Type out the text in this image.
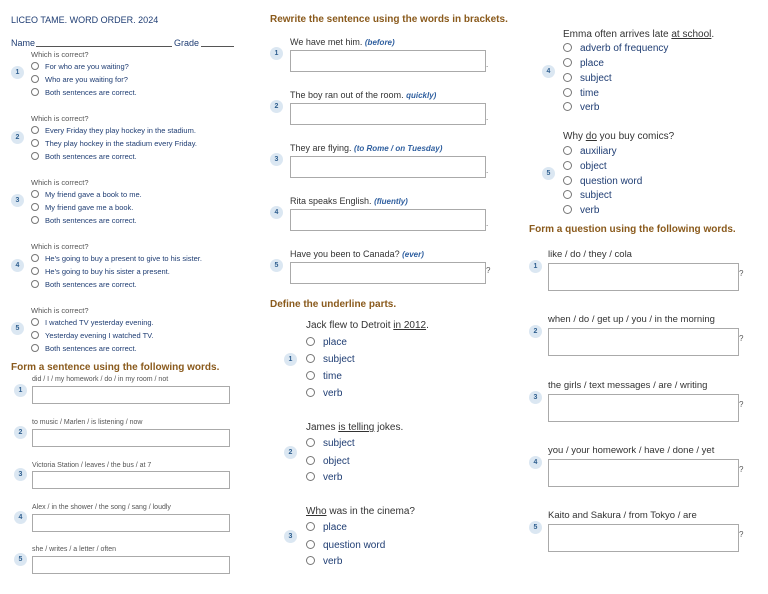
LICEO TAME. WORD ORDER. 2024
Name	Grade
1
Which is correct?
For who are you waiting?
Who are you waiting for?
Both sentences are correct.
2
Which is correct?
Every Friday they play hockey in the stadium.
They play hockey in the stadium every Friday.
Both sentences are correct.
3
Which is correct?
My friend gave a book to me.
My friend gave me a book.
Both sentences are correct.
4
Which is correct?
He's going to buy a present to give to his sister.
He's going to buy his sister a present.
Both sentences are correct.
5
Which is correct?
I watched TV yesterday evening.
Yesterday evening I watched TV.
Both sentences are correct.
Form a sentence using the following words.
1
did / I / my homework / do / in my room / not
2
to music / Marlen / is listening / now
3
Victoria Station / leaves / the bus / at 7
4
Alex / in the shower / the song / sang / loudly
5
she / writes / a letter / often
Rewrite the sentence using the words in brackets.
1
We have met him. (before)
.
2
The boy ran out of the room. quickly)
.
3
They are flying. (to Rome / on Tuesday)
.
4
Rita speaks English. (fluently)
.
5
Have you been to Canada? (ever)
?
Define the underline parts.
1
Jack flew to Detroit in 2012.
place
subject
time
verb
2
James is telling jokes.
subject
object
verb
3
Who was in the cinema?
place
question word
verb
4
Emma often arrives late at school.
adverb of frequency
place
subject
time
verb
5
Why do you buy comics?
auxiliary
object
question word
subject
verb
Form a question using the following words.
1
like / do / they / cola
?
2
when / do / get up / you / in the morning
?
3
the girls / text messages / are / writing
?
4
you / your homework / have / done / yet
?
5
Kaito and Sakura / from Tokyo / are
?
